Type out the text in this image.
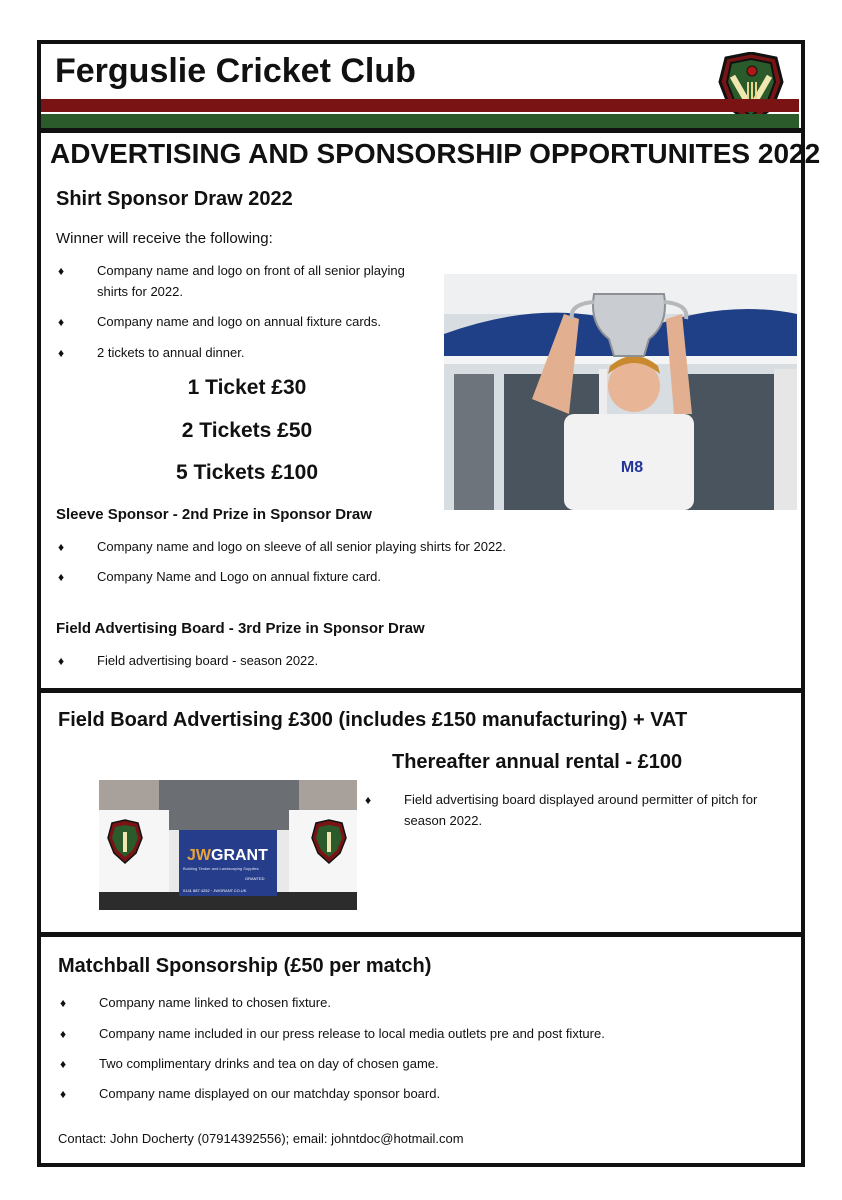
Ferguslie Cricket Club
ADVERTISING AND SPONSORSHIP OPPORTUNITES 2022
Shirt Sponsor Draw 2022
Winner will receive the following:
♦	Company name and logo on front of all senior playing
shirts for 2022.
♦	Company name and logo on annual fixture cards.
♦	2 tickets to annual dinner.
1 Ticket £30
2 Tickets £50
5 Tickets £100	M8
Sleeve Sponsor - 2nd Prize in Sponsor Draw
♦	Company name and logo on sleeve of all senior playing shirts for 2022.
♦	Company Name and Logo on annual fixture card.
Field Advertising Board - 3rd Prize in Sponsor Draw
♦	Field advertising board - season 2022.
Field Board Advertising £300 (includes £150 manufacturing) + VAT
Thereafter annual rental - £100
JW GRANT
Building Timber and Landscaping Supplies
GRANTED
0141 887 4252 · JWGRANT.CO.UK
♦	Field advertising board displayed around permitter of pitch for
season 2022.
Matchball Sponsorship (£50 per match)
♦	Company name linked to chosen fixture.
♦	Company name included in our press release to local media outlets pre and post fixture.
♦	Two complimentary drinks and tea on day of chosen game.
♦	Company name displayed on our matchday sponsor board.
Contact: John Docherty (07914392556); email: johntdoc@hotmail.com
